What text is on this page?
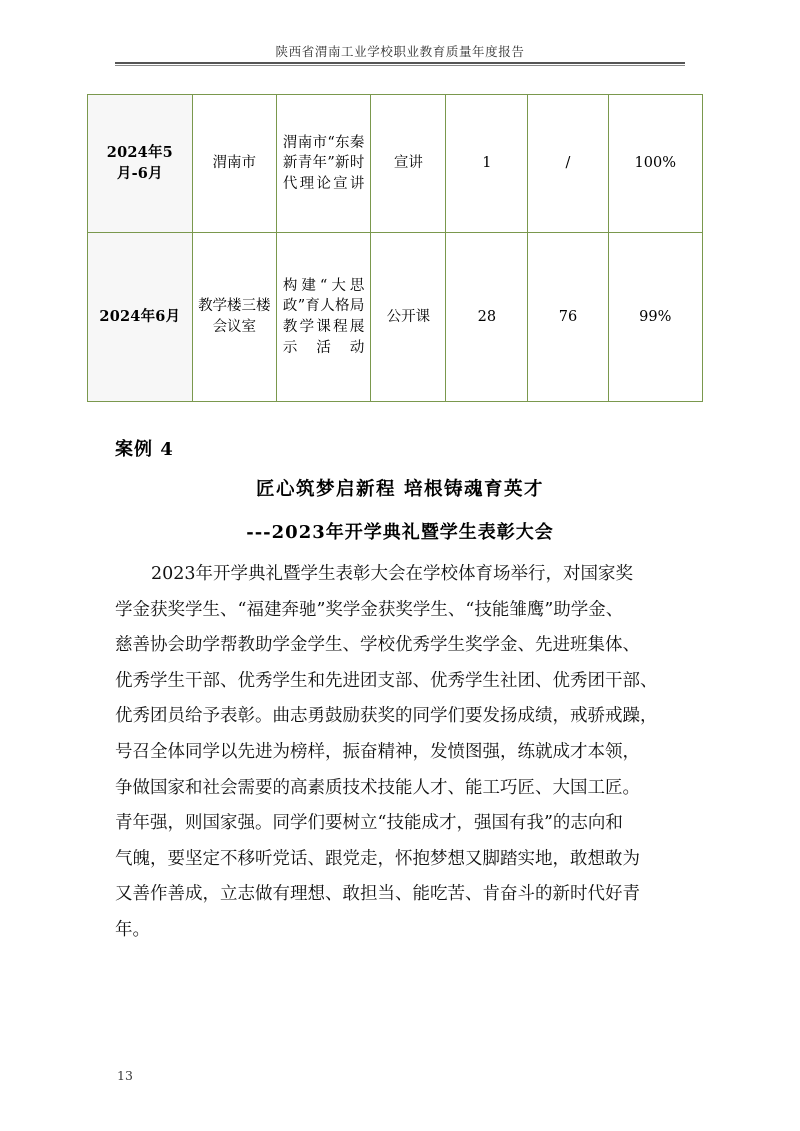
陕西省渭南工业学校职业教育质量年度报告
2024年5月-6月	渭南市	渭南市“东秦新青年”新时代理论宣讲	宣讲	1	/	100%
2024年6月	教学楼三楼会议室	构建“大思政”育人格局教学课程展示活动	公开课	28	76	99%
案例 4
匠心筑梦启新程 培根铸魂育英才
---2023年开学典礼暨学生表彰大会
2023年开学典礼暨学生表彰大会在学校体育场举行，对国家奖
学金获奖学生、“福建奔驰”奖学金获奖学生、“技能雏鹰”助学金、
慈善协会助学帮教助学金学生、学校优秀学生奖学金、先进班集体、
优秀学生干部、优秀学生和先进团支部、优秀学生社团、优秀团干部、
优秀团员给予表彰。曲志勇鼓励获奖的同学们要发扬成绩，戒骄戒躁，
号召全体同学以先进为榜样，振奋精神，发愤图强，练就成才本领，
争做国家和社会需要的高素质技术技能人才、能工巧匠、大国工匠。
青年强，则国家强。同学们要树立“技能成才，强国有我”的志向和
气魄，要坚定不移听党话、跟党走，怀抱梦想又脚踏实地，敢想敢为
又善作善成，立志做有理想、敢担当、能吃苦、肯奋斗的新时代好青
年。
13
